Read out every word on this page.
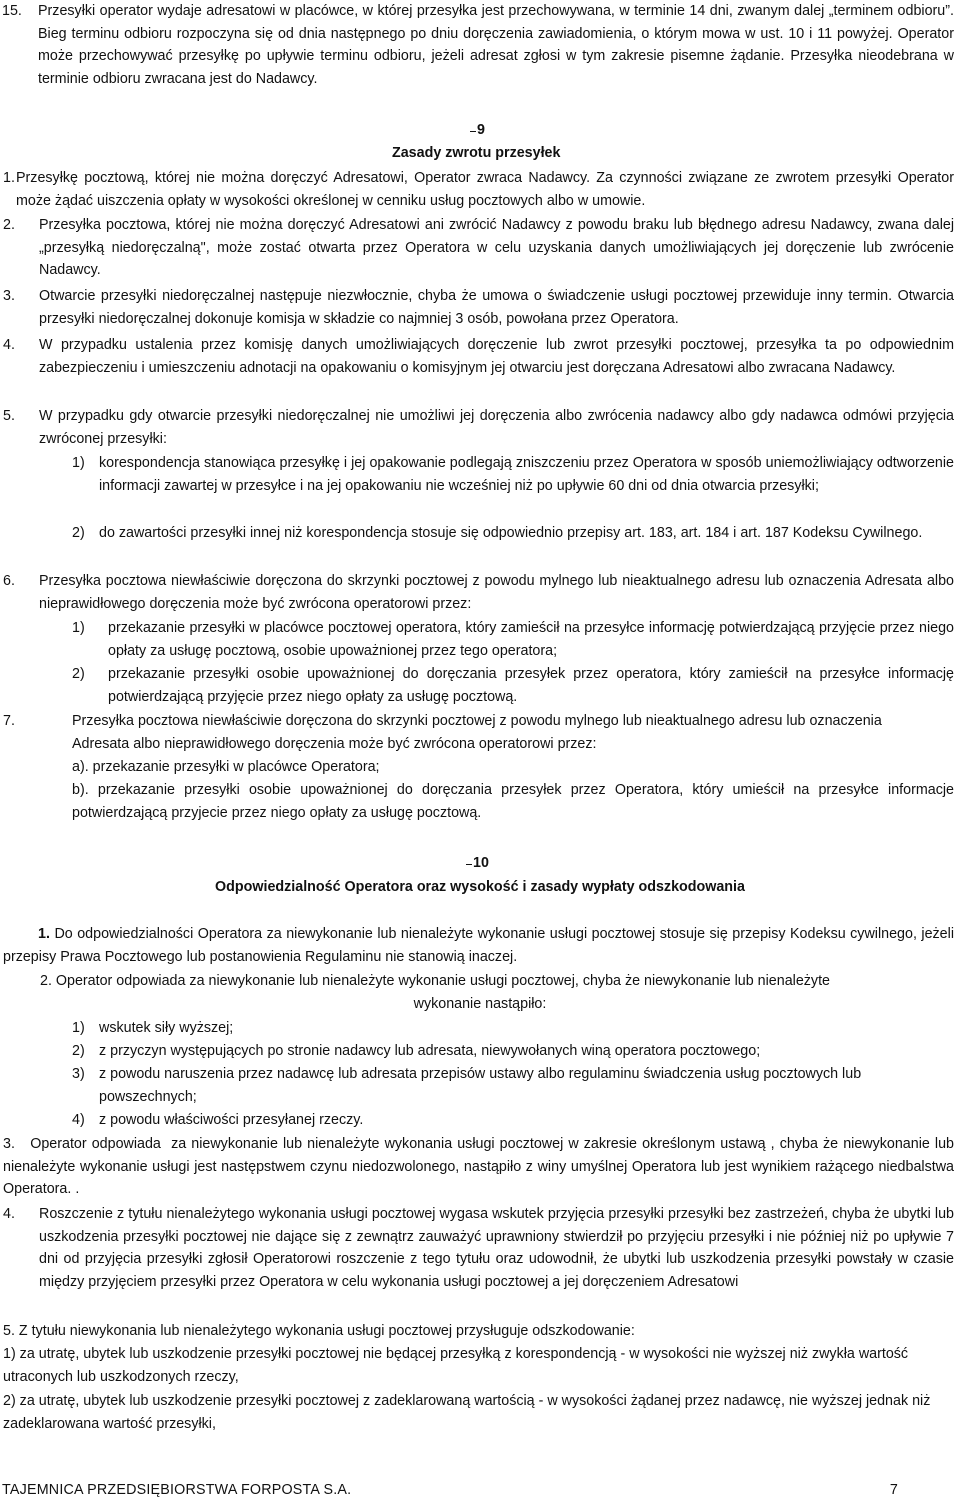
15.	Przesyłki operator wydaje adresatowi w placówce, w której przesyłka jest przechowywana, w terminie 14 dni, zwanym dalej „terminem odbioru”. Bieg terminu odbioru rozpoczyna się od dnia następnego po dniu doręczenia zawiadomienia, o którym mowa w ust. 10 i 11 powyżej. Operator może przechowywać przesyłkę po upływie terminu odbioru, jeżeli adresat zgłosi w tym zakresie pisemne żądanie. Przesyłka nieodebrana w terminie odbioru zwracana jest do Nadawcy.

9

Zasady zwrotu przesyłek

1. Przesyłkę pocztową, której nie można doręczyć Adresatowi, Operator zwraca Nadawcy. Za czynności związane ze zwrotem przesyłki Operator może żądać uiszczenia opłaty w wysokości określonej w cenniku usług pocztowych albo w umowie.
2.	Przesyłka pocztowa, której nie można doręczyć Adresatowi ani zwrócić Nadawcy z powodu braku lub błędnego adresu Nadawcy, zwana dalej „przesyłką niedoręczalną", może zostać otwarta przez Operatora w celu uzyskania danych umożliwiających jej doręczenie lub zwrócenie Nadawcy.
3.	Otwarcie przesyłki niedoręczalnej następuje niezwłocznie, chyba że umowa o świadczenie usługi pocztowej przewiduje inny termin. Otwarcia przesyłki niedoręczalnej dokonuje komisja w składzie co najmniej 3 osób, powołana przez Operatora.
4.	W przypadku ustalenia przez komisję danych umożliwiających doręczenie lub zwrot przesyłki pocztowej, przesyłka ta po odpowiednim zabezpieczeniu i umieszczeniu adnotacji na opakowaniu o komisyjnym jej otwarciu jest doręczana Adresatowi albo zwracana Nadawcy.
5.	W przypadku gdy otwarcie przesyłki niedoręczalnej nie umożliwi jej doręczenia albo zwrócenia nadawcy albo gdy nadawca odmówi przyjęcia zwróconej przesyłki:
1) korespondencja stanowiąca przesyłkę i jej opakowanie podlegają zniszczeniu przez Operatora w sposób uniemożliwiający odtworzenie informacji zawartej w przesyłce i na jej opakowaniu nie wcześniej niż po upływie 60 dni od dnia otwarcia przesyłki;
2) do zawartości przesyłki innej niż korespondencja stosuje się odpowiednio przepisy art. 183, art. 184 i art. 187 Kodeksu Cywilnego.
6.	Przesyłka pocztowa niewłaściwie doręczona do skrzynki pocztowej z powodu mylnego lub nieaktualnego adresu lub oznaczenia Adresata albo nieprawidłowego doręczenia może być zwrócona operatorowi przez:
1)	przekazanie przesyłki w placówce pocztowej operatora, który zamieścił na przesyłce informację potwierdzającą przyjęcie przez niego opłaty za usługę pocztową, osobie upoważnionej przez tego operatora;
2)	przekazanie przesyłki osobie upoważnionej do doręczania przesyłek przez operatora, który zamieścił na przesyłce informację potwierdzającą przyjęcie przez niego opłaty za usługę pocztową.
7.	Przesyłka pocztowa niewłaściwie doręczona do skrzynki pocztowej z powodu mylnego lub nieaktualnego adresu lub oznaczenia Adresata albo nieprawidłowego doręczenia może być zwrócona operatorowi przez:
a). przekazanie przesyłki w placówce Operatora;
b). przekazanie przesyłki osobie upoważnionej do doręczania przesyłek przez Operatora, który umieścił na przesyłce informacje potwierdzającą przyjecie przez niego opłaty za usługę pocztową.

10

Odpowiedzialność Operatora oraz wysokość i zasady wypłaty odszkodowania

1. Do odpowiedzialności Operatora za niewykonanie lub nienależyte wykonanie usługi pocztowej stosuje się przepisy Kodeksu cywilnego, jeżeli przepisy Prawa Pocztowego lub postanowienia Regulaminu nie stanowią inaczej.
2. Operator odpowiada za niewykonanie lub nienależyte wykonanie usługi pocztowej, chyba że niewykonanie lub nienależyte
wykonanie nastąpiło:
1) wskutek siły wyższej;
2) z przyczyn występujących po stronie nadawcy lub adresata, niewywołanych winą operatora pocztowego;
3) z powodu naruszenia przez nadawcę lub adresata przepisów ustawy albo regulaminu świadczenia usług pocztowych lub powszechnych;
4) z powodu właściwości przesyłanej rzeczy.
3.   Operator odpowiada  za niewykonanie lub nienależyte wykonania usługi pocztowej w zakresie określonym ustawą , chyba że niewykonanie lub nienależyte wykonanie usługi jest następstwem czynu niedozwolonego, nastąpiło z winy umyślnej Operatora lub jest wynikiem rażącego niedbalstwa Operatora. .
4.	Roszczenie z tytułu nienależytego wykonania usługi pocztowej wygasa wskutek przyjęcia przesyłki przesyłki bez zastrzeżeń, chyba że ubytki lub uszkodzenia przesyłki pocztowej nie dające się z zewnątrz zauważyć uprawniony stwierdził po przyjęciu przesyłki i nie później niż po upływie 7 dni od przyjęcia przesyłki zgłosił Operatorowi roszczenie z tego tytułu oraz udowodnił, że ubytki lub uszkodzenia przesyłki powstały w czasie między przyjęciem przesyłki przez Operatora w celu wykonania usługi pocztowej a jej doręczeniem Adresatowi
5. Z tytułu niewykonania lub nienależytego wykonania usługi pocztowej przysługuje odszkodowanie:
1) za utratę, ubytek lub uszkodzenie przesyłki pocztowej nie będącej przesyłką z korespondencją - w wysokości nie wyższej niż zwykła wartość utraconych lub uszkodzonych rzeczy,
2) za utratę, ubytek lub uszkodzenie przesyłki pocztowej z zadeklarowaną wartością - w wysokości żądanej przez nadawcę, nie wyższej jednak niż zadeklarowana wartość przesyłki,
TAJEMNICA PRZEDSIĘBIORSTWA FORPOSTA S.A.	7
